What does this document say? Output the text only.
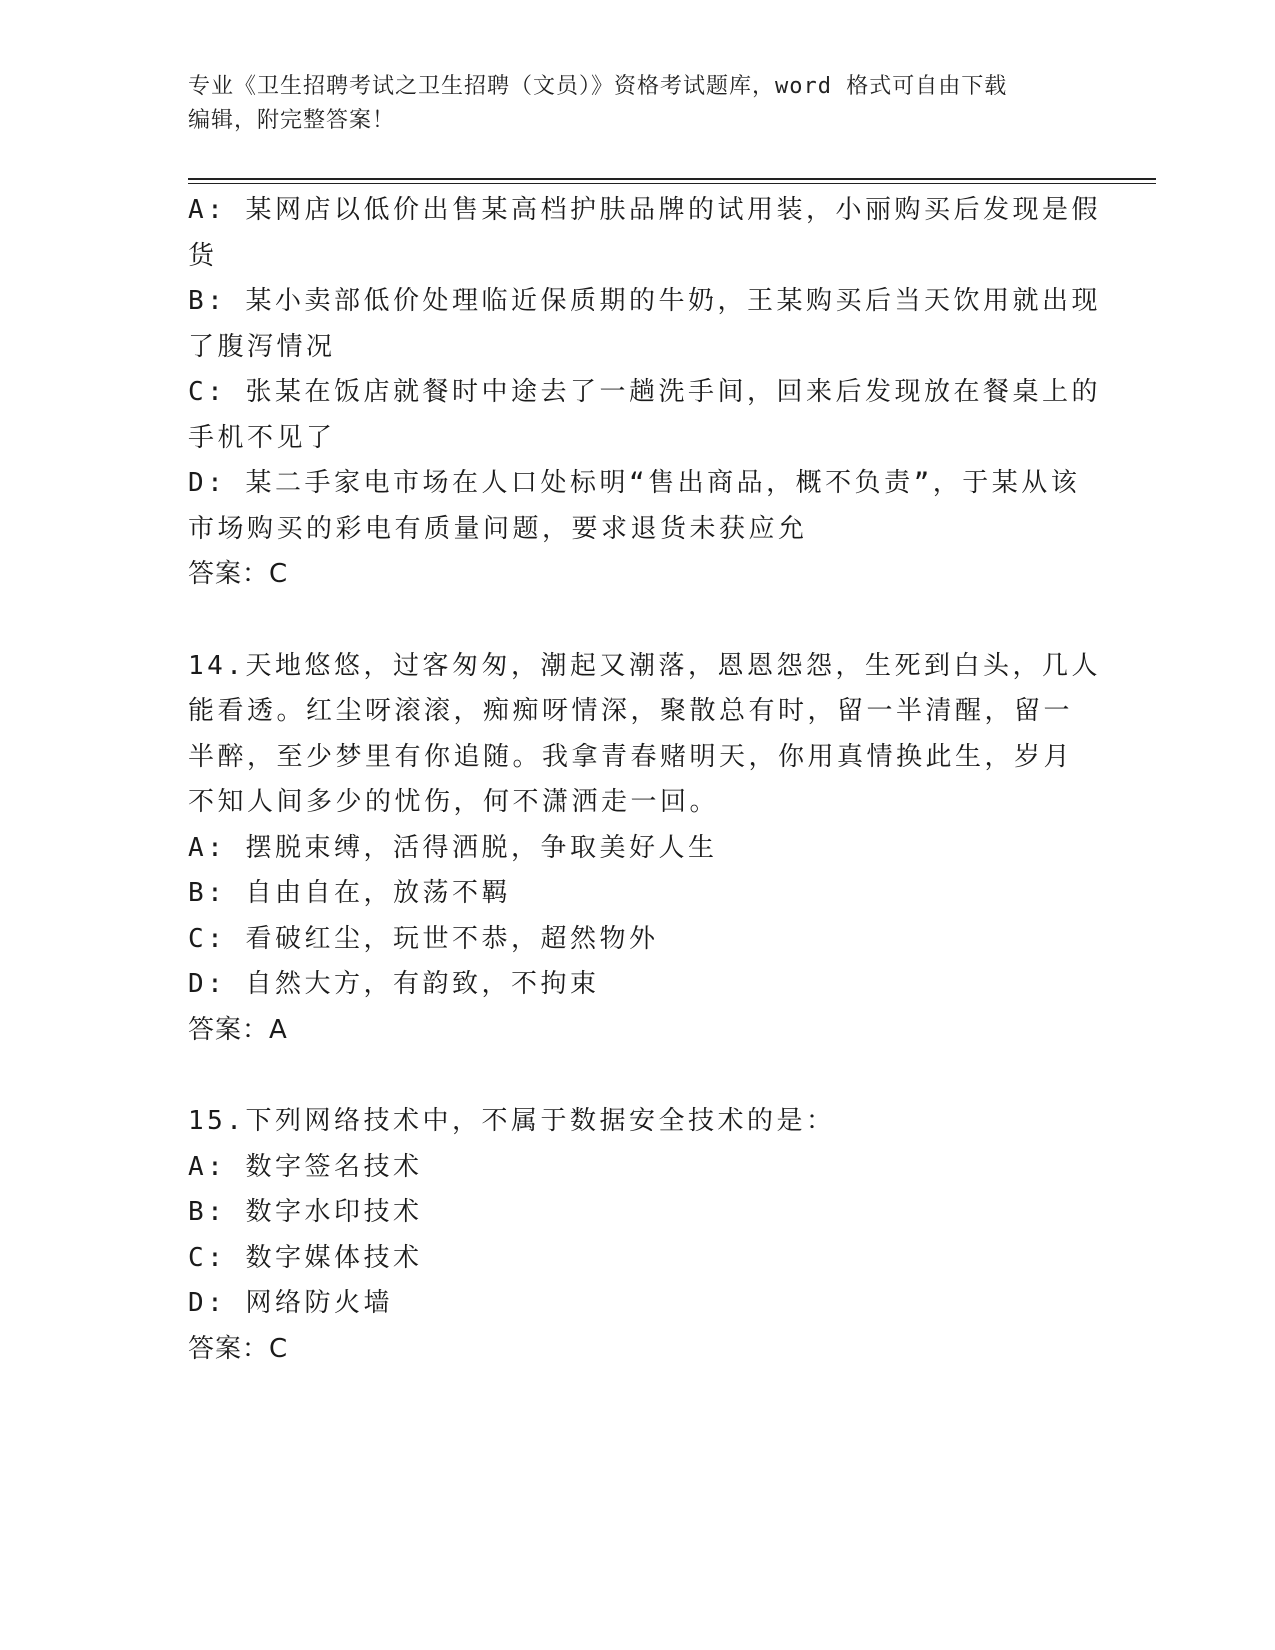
专业《卫生招聘考试之卫生招聘（文员）》资格考试题库，word 格式可自由下载
编辑，附完整答案！
A: 某网店以低价出售某高档护肤品牌的试用装，小丽购买后发现是假
货
B: 某小卖部低价处理临近保质期的牛奶，王某购买后当天饮用就出现
了腹泻情况
C: 张某在饭店就餐时中途去了一趟洗手间，回来后发现放在餐桌上的
手机不见了
D: 某二手家电市场在人口处标明“售出商品，概不负责”，于某从该
市场购买的彩电有质量问题，要求退货未获应允
答案：C
14.天地悠悠，过客匆匆，潮起又潮落，恩恩怨怨，生死到白头，几人
能看透。红尘呀滚滚，痴痴呀情深，聚散总有时，留一半清醒，留一
半醉，至少梦里有你追随。我拿青春赌明天，你用真情换此生，岁月
不知人间多少的忧伤，何不潇洒走一回。
A: 摆脱束缚，活得洒脱，争取美好人生
B: 自由自在，放荡不羁
C: 看破红尘，玩世不恭，超然物外
D: 自然大方，有韵致，不拘束
答案：A
15.下列网络技术中，不属于数据安全技术的是：
A: 数字签名技术
B: 数字水印技术
C: 数字媒体技术
D: 网络防火墙
答案：C
